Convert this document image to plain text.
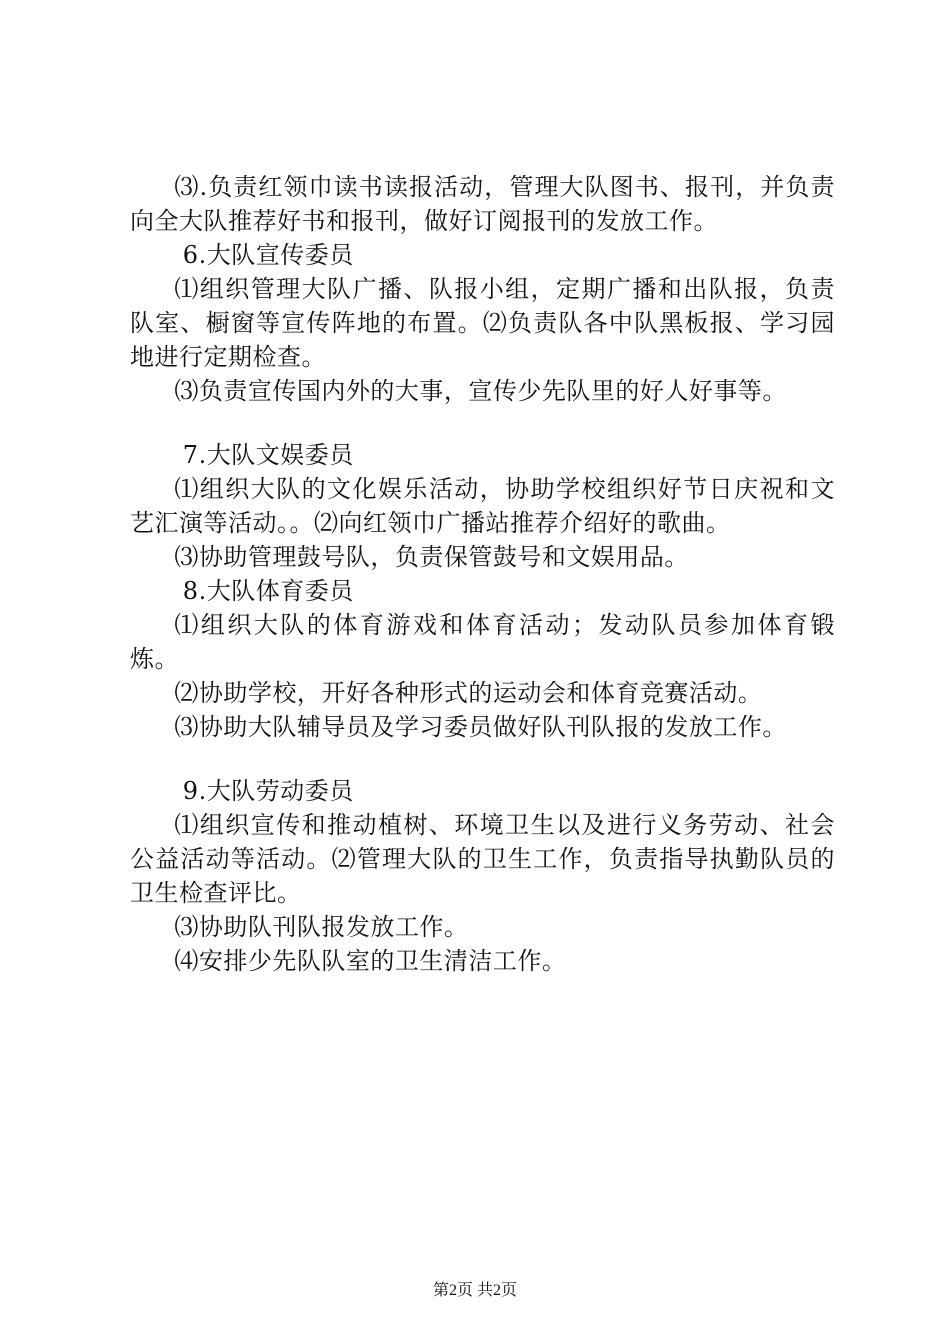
⑶.负责红领巾读书读报活动，管理大队图书、报刊，并负责向全大队推荐好书和报刊，做好订阅报刊的发放工作。

6.大队宣传委员

⑴组织管理大队广播、队报小组，定期广播和出队报，负责队室、橱窗等宣传阵地的布置。⑵负责队各中队黑板报、学习园地进行定期检查。

⑶负责宣传国内外的大事，宣传少先队里的好人好事等。

7.大队文娱委员

⑴组织大队的文化娱乐活动，协助学校组织好节日庆祝和文艺汇演等活动。。⑵向红领巾广播站推荐介绍好的歌曲。

⑶协助管理鼓号队，负责保管鼓号和文娱用品。

8.大队体育委员

⑴组织大队的体育游戏和体育活动；发动队员参加体育锻炼。

⑵协助学校，开好各种形式的运动会和体育竞赛活动。

⑶协助大队辅导员及学习委员做好队刊队报的发放工作。

9.大队劳动委员

⑴组织宣传和推动植树、环境卫生以及进行义务劳动、社会公益活动等活动。⑵管理大队的卫生工作，负责指导执勤队员的卫生检查评比。

⑶协助队刊队报发放工作。

⑷安排少先队队室的卫生清洁工作。

第2页 共2页
